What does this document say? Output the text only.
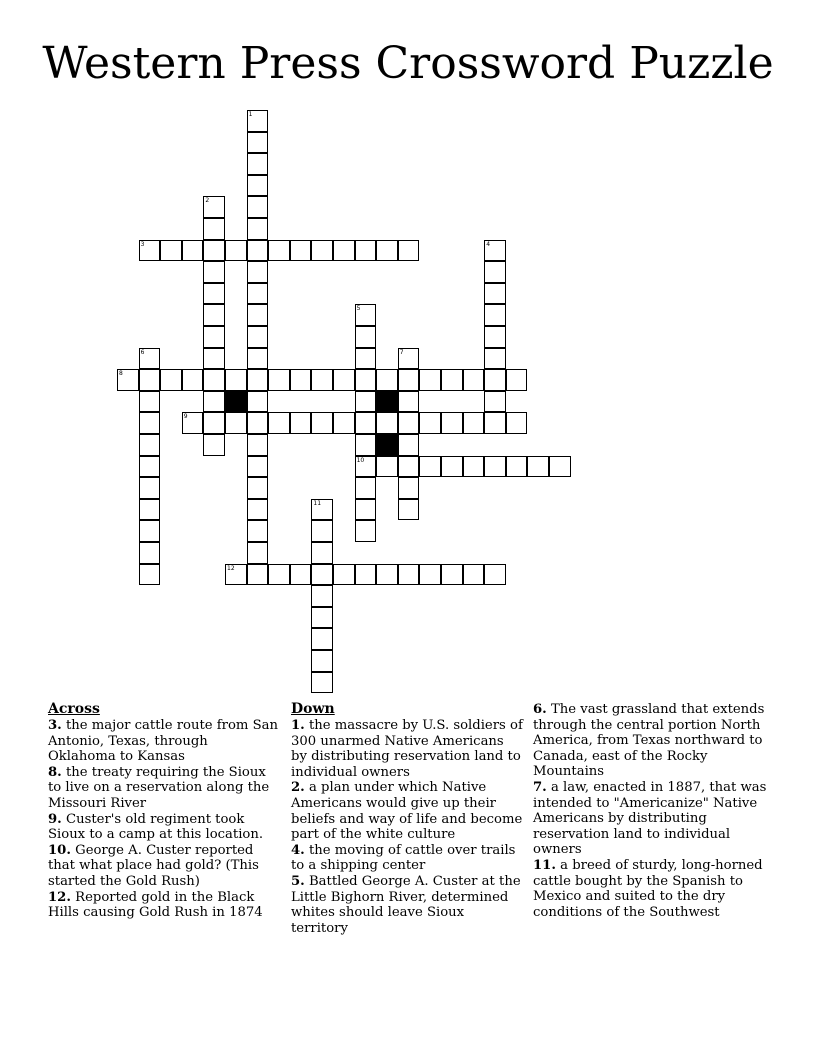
Western Press Crossword Puzzle
1
2
3	4
5
6	7
8
9
10
11
12
Across

3. the major cattle route from San Antonio, Texas, through Oklahoma to Kansas

8. the treaty requiring the Sioux to live on a reservation along the Missouri River

9. Custer's old regiment took Sioux to a camp at this location.

10. George A. Custer reported that what place had gold? (This started the Gold Rush)

12. Reported gold in the Black Hills causing Gold Rush in 1874

Down

1. the massacre by U.S. soldiers of 300 unarmed Native Americans by distributing reservation land to individual owners

2. a plan under which Native Americans would give up their beliefs and way of life and become part of the white culture

4. the moving of cattle over trails to a shipping center

5. Battled George A. Custer at the Little Bighorn River, determined whites should leave Sioux territory

6. The vast grassland that extends through the central portion North America, from Texas northward to Canada, east of the Rocky Mountains

7. a law, enacted in 1887, that was intended to "Americanize" Native Americans by distributing reservation land to individual owners

11. a breed of sturdy, long-horned cattle bought by the Spanish to Mexico and suited to the dry conditions of the Southwest
